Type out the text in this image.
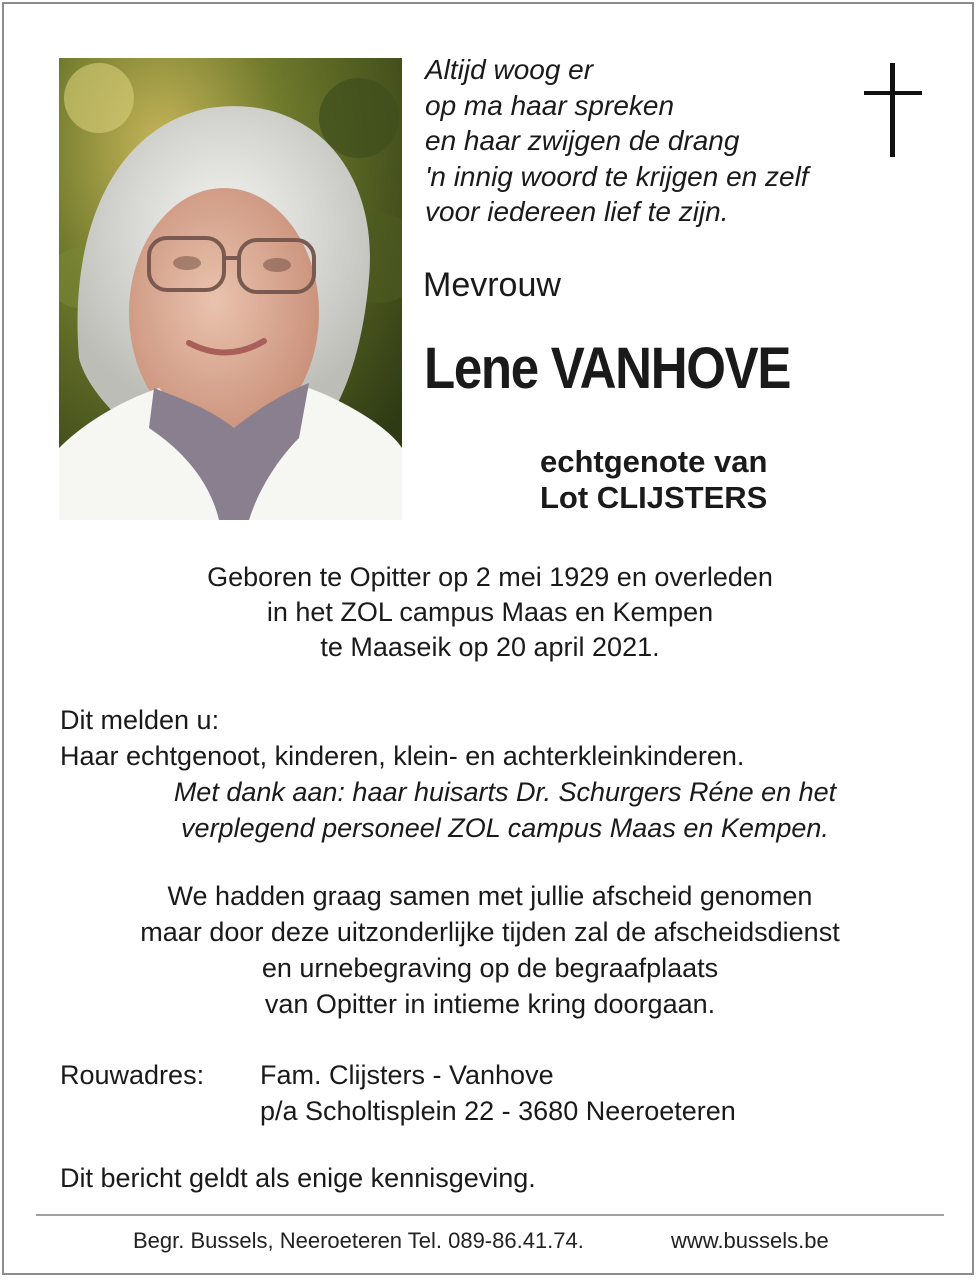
Altijd woog er
op ma haar spreken
en haar zwijgen de drang
'n innig woord te krijgen en zelf
voor iedereen lief te zijn.
Mevrouw
Lene VANHOVE
echtgenote van
Lot CLIJSTERS
Geboren te Opitter op 2 mei 1929 en overleden
in het ZOL campus Maas en Kempen
te Maaseik op 20 april 2021.
Dit melden u:
Haar echtgenoot, kinderen, klein- en achterkleinkinderen.
Met dank aan: haar huisarts Dr. Schurgers Réne en het
verplegend personeel ZOL campus Maas en Kempen.
We hadden graag samen met jullie afscheid genomen
maar door deze uitzonderlijke tijden zal de afscheidsdienst
en urnebegraving op de begraafplaats
van Opitter in intieme kring doorgaan.
Rouwadres: Fam. Clijsters - Vanhove
p/a Scholtisplein 22 - 3680 Neeroeteren
Dit bericht geldt als enige kennisgeving.
Begr. Bussels, Neeroeteren Tel. 089-86.41.74.	www.bussels.be
